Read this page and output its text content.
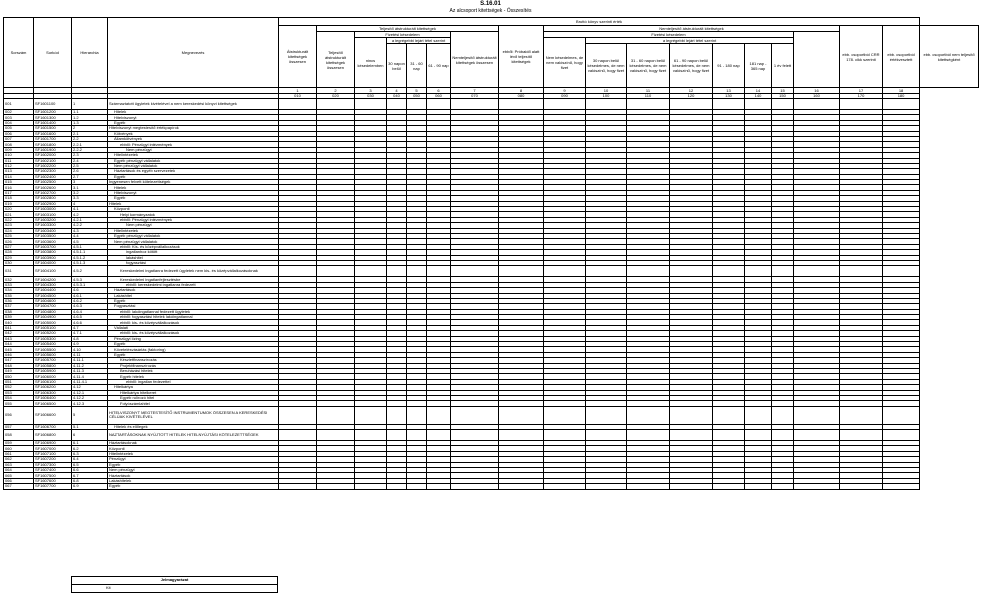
S.16.01
Az alcsoport kitettségek - Összesítés
Sorszám	Sorkód	Hierarchia	Megnevezés	Bruttó könyv szerinti érték																		
				Átstrukturált kitettségek összesen	Teljesítő átstrukturált kitettségek						ebből: Próbaidő alatt lévő teljesítő kitettségek	Nemteljesítő átstrukturált kitettségek								ebb. csoportból CRR 178. cikk szerinti	ebb. csoportból értékvesztett	ebb. csoportból nem teljesítő kitettségként
					Teljesítő átstrukturált kitettségek összesen	Fizetési késedelem				Nemteljesítő átstrukturált kitettségek összesen		Fizetési késedelem										
						nincs késedelemben	a legrégebbi lejárt tétel szerint					Nem késedelmes, de nem valószínű, hogy fizet	a legrégebbi lejárt tétel szerint									
							30 napon belül	31 - 60 nap	61 - 90 nap				30 napon belül késedelmes, de nem valószínű, hogy fizet	31 - 60 napon belül késedelmes, de nem valószínű, hogy fizet	61 - 90 napon belül késedelmes, de nem valószínű, hogy fizet	91 - 180 nap	181 nap - 365 nap	1 év felett				
				1	2	3	4	5	6	7	8	9	10	11	12	13	14	15	16	17	18	
				010	020	030	040	050	060	070	080	090	100	110	120	130	140	150	160	170	180	
001	SF1601100	1	Származtatott ügyletek kivételével a nem kereskedési könyvi kitettségek																			
002	SF1601200	1.1	Hitelek																			
003	SF1601300	1.2	Hitelviszonyt																			
004	SF1601400	1.3	Egyéb																			
005	SF1601500	2	Hitelviszonyt megtestesítő értékpapírok																			
006	SF1601600	2.1	Kötvények																			
007	SF1601700	2.2	Államkötvények																			
008	SF1601800	2.2.1	ebből: Pénzügyi intézmények																			
009	SF1601900	2.2.2	Nem pénzügyi																			
010	SF1602000	2.3	Hitelintézetek																			
011	SF1602100	2.4	Egyéb pénzügyi vállalatok																			
012	SF1602200	2.5	Nem pénzügyi vállalatok																			
013	SF1602300	2.6	Háztartások és egyéb szervezetek																			
014	SF1602400	2.7	Egyéb																			
015	SF1602500	3	Ingyenesen felvett kötelezettségek																			
016	SF1602600	3.1	Hitelek																			
017	SF1602700	3.2	Hitelviszonyt																			
018	SF1602800	3.3	Egyéb																			
019	SF1602900	4	Hitelek																			
020	SF1603000	4.1	Központi																			
021	SF1603100	4.2	Helyi kormányzatok																			
022	SF1603200	4.2.1	ebből: Pénzügyi intézmények																			
023	SF1603300	4.2.2	Nem pénzügyi																			
024	SF1603400	4.3	Hitelintézetek																			
025	SF1603500	4.4	Egyéb pénzügyi vállalatok																			
026	SF1603600	4.5	Nem pénzügyi vállalatok																			
027	SF1603700	4.5.1	ebből: Kis- és középvállalkozások																			
028	SF1603800	4.5.1.1	ingatlanhoz kötött																			
029	SF1603900	4.5.1.2	lakáshitel																			
030	SF1604000	4.5.1.3	fogyasztási																			
031	SF1604100	4.5.2	Kereskedelmi ingatlanra fedezett ügyletek nem kis- és középvállalkozásoknak																			
032	SF1604200	4.5.3	Kereskedelmi ingatlanfejlesztésbe																			
033	SF1604300	4.5.3.1	ebből: kereskedelmi ingatlanra fedezett																			
034	SF1604400	4.6	Háztartások																			
035	SF1604500	4.6.1	Lakáshitel																			
036	SF1604600	4.6.2	Egyéb																			
037	SF1604700	4.6.3	Fogyasztási																			
038	SF1604800	4.6.4	ebből: lakóingatlannal fedezett ügyletek																			
039	SF1604900	4.6.5	ebből: fogyasztási hitelek lakóingatlannal																			
040	SF1605000	4.6.6	ebből: kis- és középvállalkozások																			
041	SF1605100	4.7	Vállalati																			
042	SF1605200	4.7.1	ebből: kis- és középvállalkozások																			
043	SF1605300	4.8	Pénzügyi lízing																			
044	SF1605400	4.9	Egyéb																			
045	SF1605500	4.10	Követelésvásárlás (faktoring)																			
046	SF1605600	4.11	Egyéb																			
047	SF1605700	4.11.1	Készletfinanszírozás																			
048	SF1605800	4.11.2	Projektfinanszírozás																			
049	SF1605900	4.11.3	Beruházási hitelek																			
050	SF1606000	4.11.4	Egyéb hitelek																			
051	SF1606100	4.11.4.1	ebből: ingatlan fedezettel																			
052	SF1606200	4.12	Hitelkártya																			
053	SF1606300	4.12.1	Hitelkártya hitelkeret																			
054	SF1606400	4.12.2	Egyéb rulírozó hitel																			
055	SF1606500	4.12.3	Folyószámlahitel																			
056	SF1606600	5	HITELVISZONYT MEGTESTESÍTŐ INSTRUMENTUMOK ÖSSZESEN A KERESKEDÉSI CÉLÚAK KIVÉTELÉVEL																			
057	SF1606700	5.1	Hitelek és előlegek																			
058	SF1606800	6	NAZTARTÁSOKNAK NYÚJTOTT HITELEK HITELNYÚJTÁSI KÖTELEZETTSÉGEK																			
059	SF1606900	6.1	Háztartásoknak																			
060	SF1607000	6.2	Központi																			
061	SF1607100	6.3	Hitelintézetek																			
062	SF1607200	6.4	Pénzügyi																			
063	SF1607300	6.5	Egyéb																			
064	SF1607400	6.6	Nem pénzügyi																			
065	SF1607500	6.7	Háztartások																			
066	SF1607600	6.8	Lakáshitelek																			
067	SF1607700	6.9	Egyéb																			
Jelmagyarázat
Kit
